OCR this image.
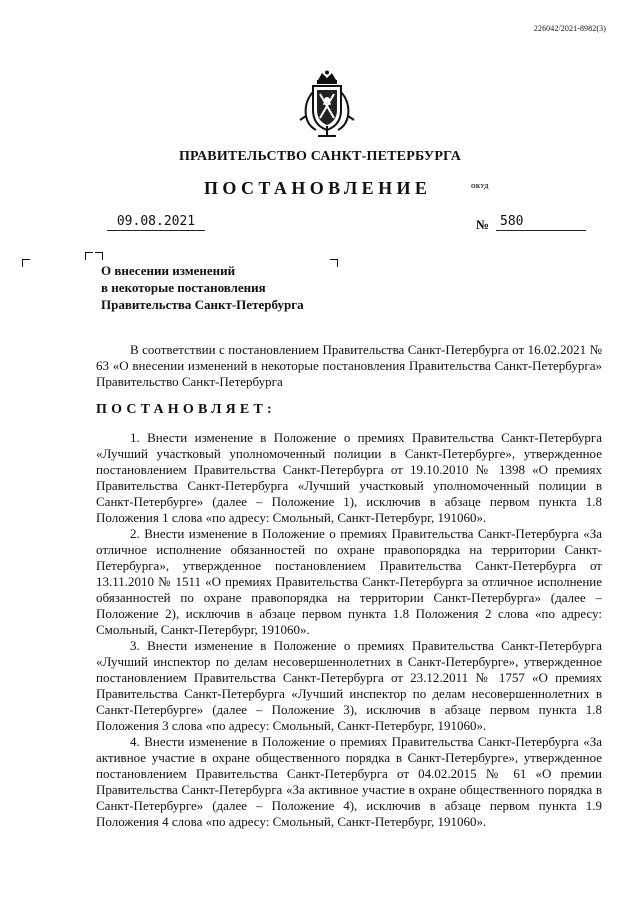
226042/2021-8982(3)
ПРАВИТЕЛЬСТВО САНКТ-ПЕТЕРБУРГА
ПОСТАНОВЛЕНИЕ	ОКУД
09.08.2021	№ 580
О внесении изменений
в некоторые постановления
Правительства Санкт-Петербурга
В соответствии с постановлением Правительства Санкт-Петербурга от 16.02.2021 № 63 «О внесении изменений в некоторые постановления Правительства Санкт-Петербурга» Правительство Санкт-Петербурга
ПОСТАНОВЛЯЕТ:

1. Внести изменение в Положение о премиях Правительства Санкт-Петербурга «Лучший участковый уполномоченный полиции в Санкт-Петербурге», утвержденное постановлением Правительства Санкт-Петербурга от 19.10.2010 № 1398 «О премиях Правительства Санкт-Петербурга «Лучший участковый уполномоченный полиции в Санкт-Петербурге» (далее – Положение 1), исключив в абзаце первом пункта 1.8 Положения 1 слова «по адресу: Смольный, Санкт-Петербург, 191060».

2. Внести изменение в Положение о премиях Правительства Санкт-Петербурга «За отличное исполнение обязанностей по охране правопорядка на территории Санкт-Петербурга», утвержденное постановлением Правительства Санкт-Петербурга от 13.11.2010 № 1511 «О премиях Правительства Санкт-Петербурга за отличное исполнение обязанностей по охране правопорядка на территории Санкт-Петербурга» (далее – Положение 2), исключив в абзаце первом пункта 1.8 Положения 2 слова «по адресу: Смольный, Санкт-Петербург, 191060».

3. Внести изменение в Положение о премиях Правительства Санкт-Петербурга «Лучший инспектор по делам несовершеннолетних в Санкт-Петербурге», утвержденное постановлением Правительства Санкт-Петербурга от 23.12.2011 № 1757 «О премиях Правительства Санкт-Петербурга «Лучший инспектор по делам несовершеннолетних в Санкт-Петербурге» (далее – Положение 3), исключив в абзаце первом пункта 1.8 Положения 3 слова «по адресу: Смольный, Санкт-Петербург, 191060».

4. Внести изменение в Положение о премиях Правительства Санкт-Петербурга «За активное участие в охране общественного порядка в Санкт-Петербурге», утвержденное постановлением Правительства Санкт-Петербурга от 04.02.2015 № 61 «О премии Правительства Санкт-Петербурга «За активное участие в охране общественного порядка в Санкт-Петербурге» (далее – Положение 4), исключив в абзаце первом пункта 1.9 Положения 4 слова «по адресу: Смольный, Санкт-Петербург, 191060».
